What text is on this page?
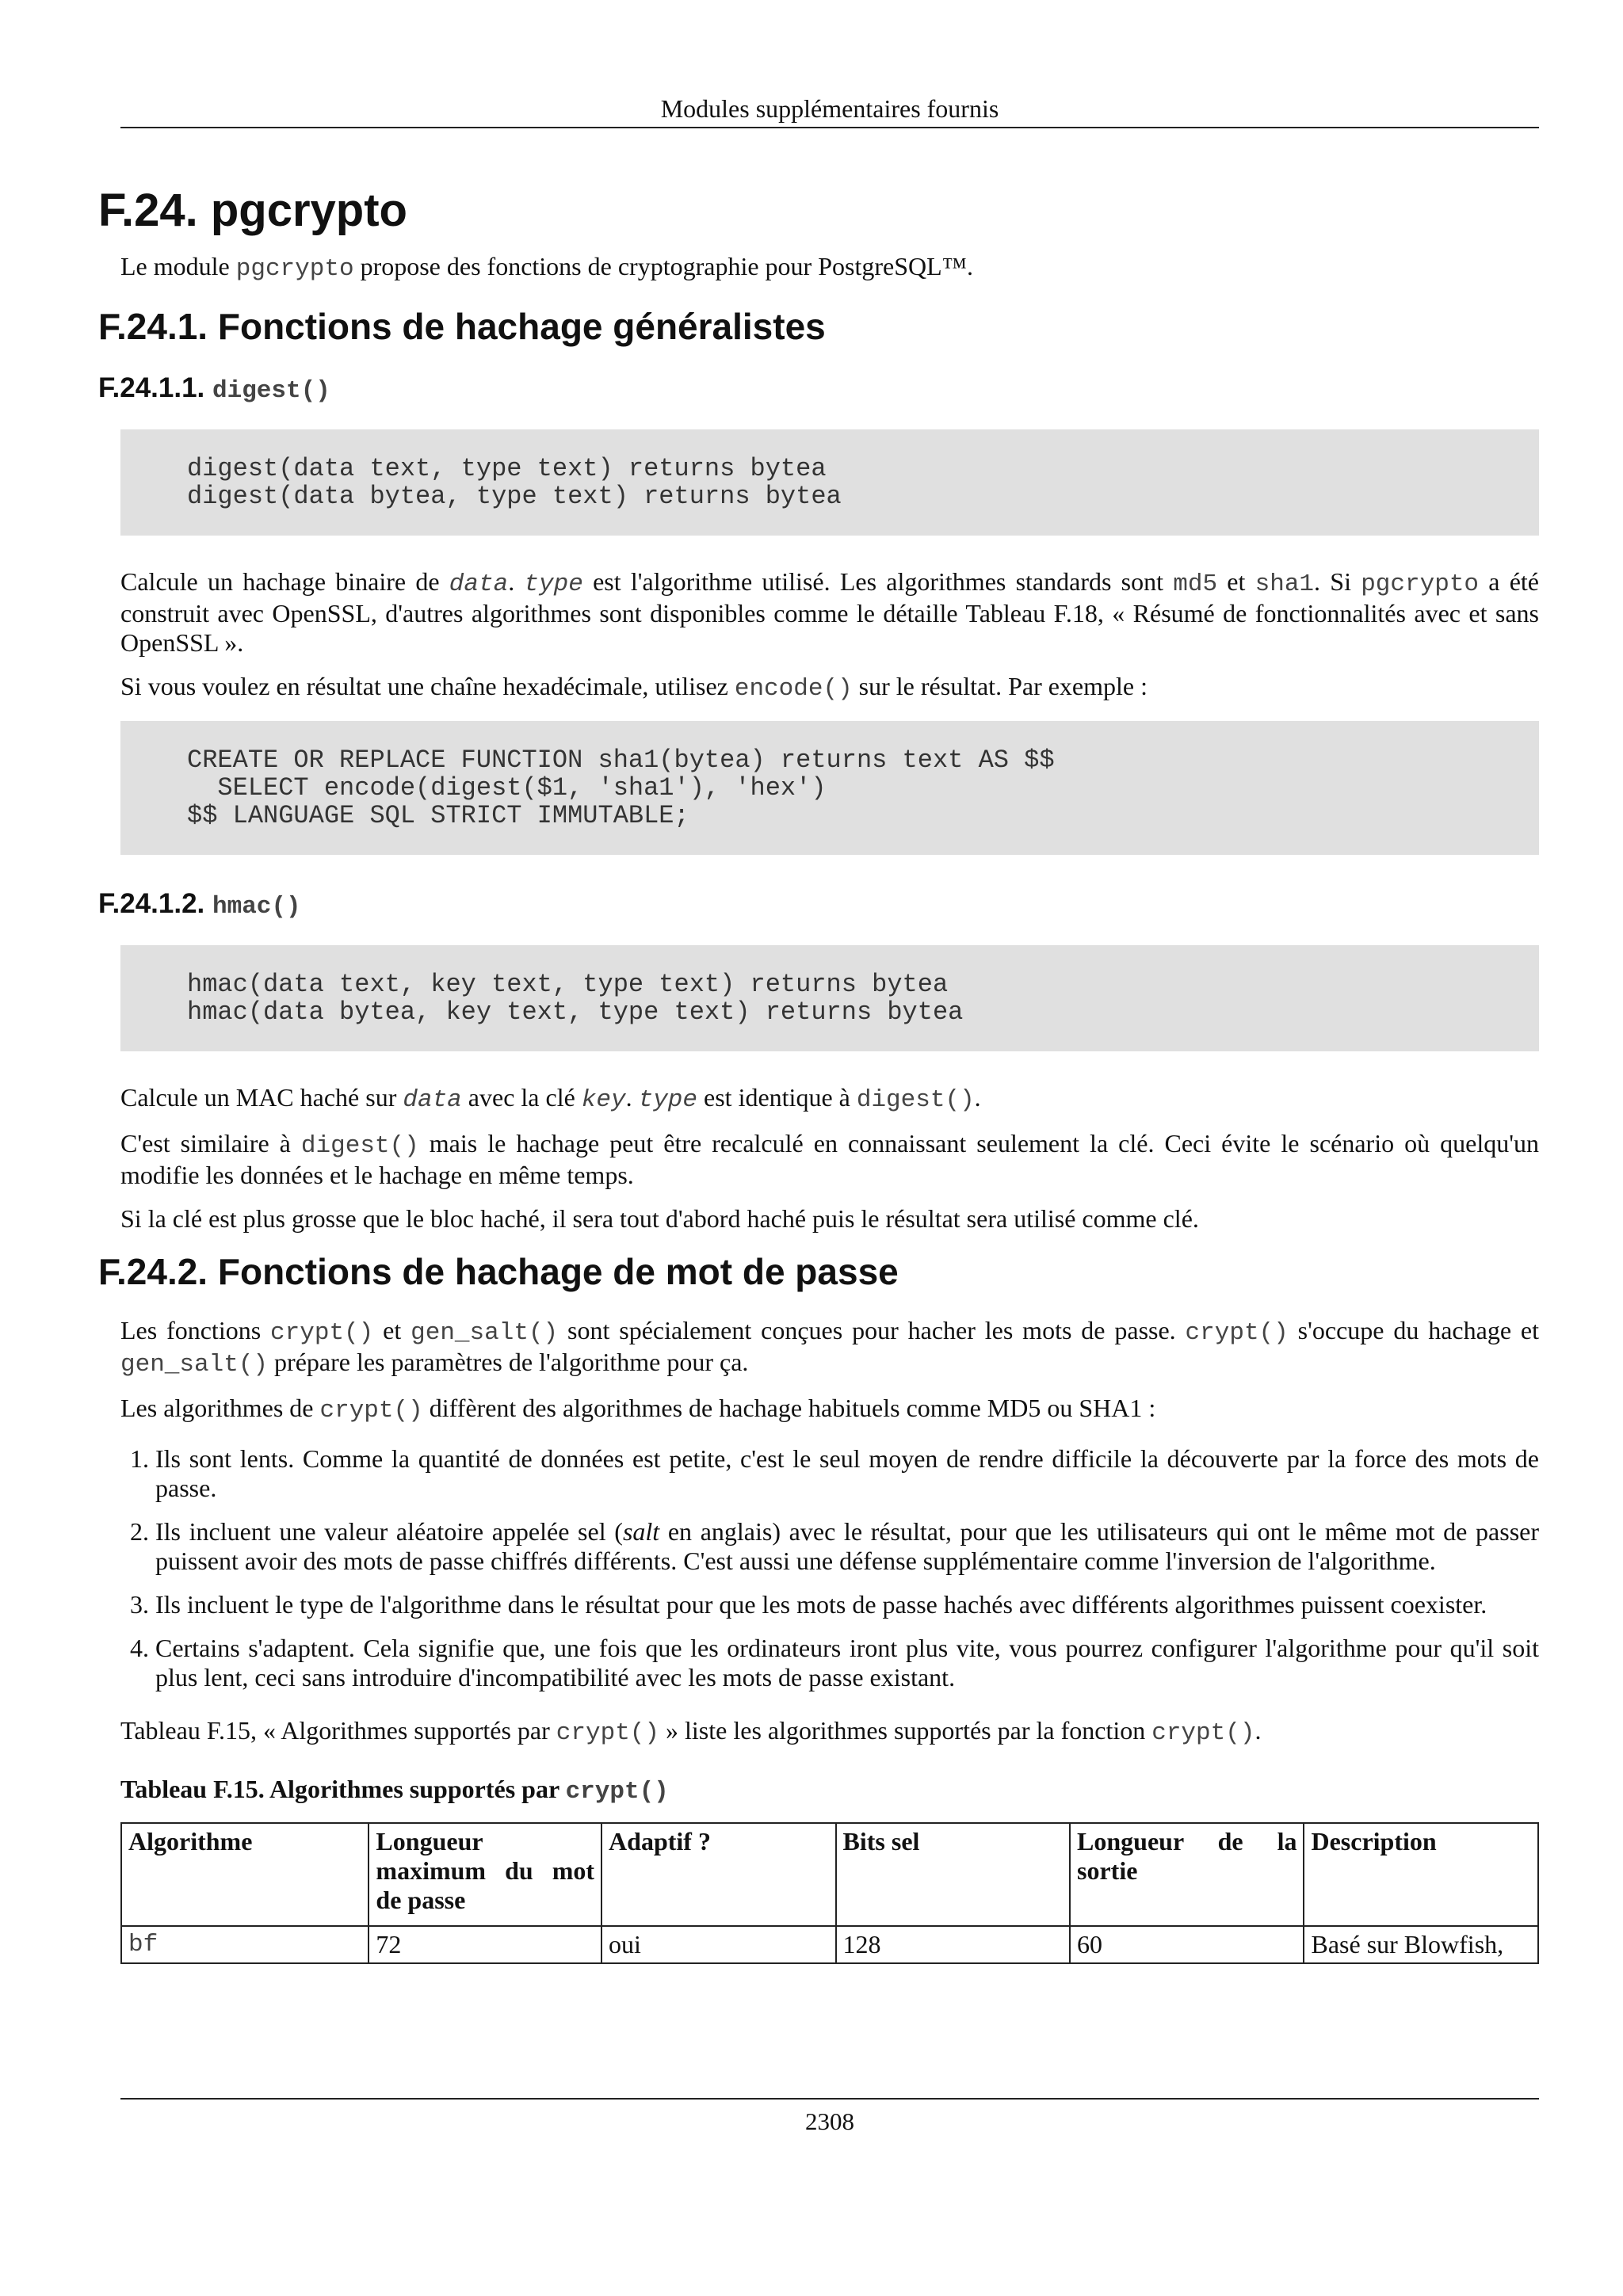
Modules supplémentaires fournis
F.24. pgcrypto

Le module pgcrypto propose des fonctions de cryptographie pour PostgreSQL™.

F.24.1. Fonctions de hachage généralistes
F.24.1.1. digest()
digest(data text, type text) returns bytea
digest(data bytea, type text) returns bytea

Calcule un hachage binaire de data. type est l'algorithme utilisé. Les algorithmes standards sont md5 et sha1. Si pgcrypto a été construit avec OpenSSL, d'autres algorithmes sont disponibles comme le détaille Tableau F.18, « Résumé de fonctionnalités avec et sans OpenSSL ».

Si vous voulez en résultat une chaîne hexadécimale, utilisez encode() sur le résultat. Par exemple :

CREATE OR REPLACE FUNCTION sha1(bytea) returns text AS $$
SELECT encode(digest($1, 'sha1'), 'hex')
$$ LANGUAGE SQL STRICT IMMUTABLE;
F.24.1.2. hmac()
hmac(data text, key text, type text) returns bytea
hmac(data bytea, key text, type text) returns bytea

Calcule un MAC haché sur data avec la clé key. type est identique à digest().

C'est similaire à digest() mais le hachage peut être recalculé en connaissant seulement la clé. Ceci évite le scénario où quelqu'un modifie les données et le hachage en même temps.

Si la clé est plus grosse que le bloc haché, il sera tout d'abord haché puis le résultat sera utilisé comme clé.

F.24.2. Fonctions de hachage de mot de passe

Les fonctions crypt() et gen_salt() sont spécialement conçues pour hacher les mots de passe. crypt() s'occupe du hachage et gen_salt() prépare les paramètres de l'algorithme pour ça.

Les algorithmes de crypt() diffèrent des algorithmes de hachage habituels comme MD5 ou SHA1 :

1. Ils sont lents. Comme la quantité de données est petite, c'est le seul moyen de rendre difficile la découverte par la force des mots de passe.
2. Ils incluent une valeur aléatoire appelée sel (salt en anglais) avec le résultat, pour que les utilisateurs qui ont le même mot de passer puissent avoir des mots de passe chiffrés différents. C'est aussi une défense supplémentaire comme l'inversion de l'algorithme.
3. Ils incluent le type de l'algorithme dans le résultat pour que les mots de passe hachés avec différents algorithmes puissent coexister.
4. Certains s'adaptent. Cela signifie que, une fois que les ordinateurs iront plus vite, vous pourrez configurer l'algorithme pour qu'il soit plus lent, ceci sans introduire d'incompatibilité avec les mots de passe existant.

Tableau F.15, « Algorithmes supportés par crypt() » liste les algorithmes supportés par la fonction crypt().

Tableau F.15. Algorithmes supportés par crypt()
Algorithme	Longueur maximum du mot de passe	Adaptif ?	Bits sel	Longueur de la sortie	Description
bf	72	oui	128	60	Basé sur Blowfish,
2308
